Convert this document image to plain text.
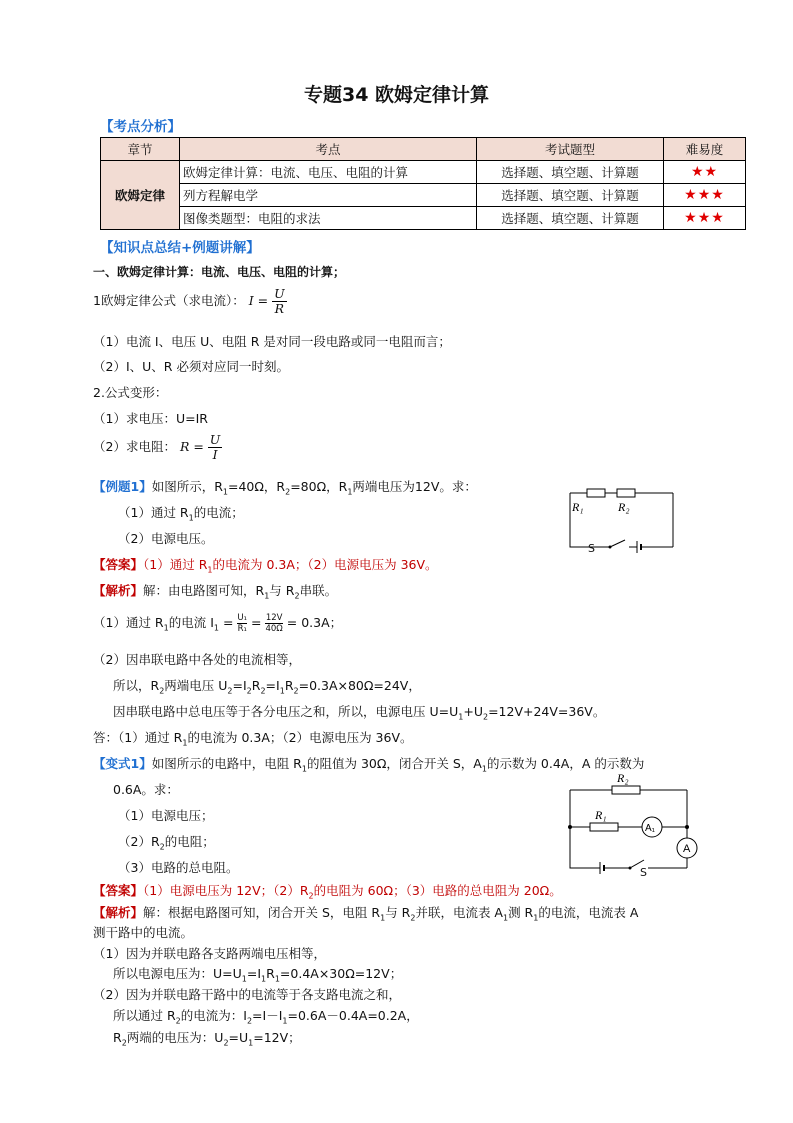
专题34 欧姆定律计算
【考点分析】
章节	考点	考试题型	难易度
欧姆定律	欧姆定律计算：电流、电压、电阻的计算	选择题、填空题、计算题	★★
	列方程解电学	选择题、填空题、计算题	★★★
	图像类题型：电阻的求法	选择题、填空题、计算题	★★★
【知识点总结+例题讲解】
一、欧姆定律计算：电流、电压、电阻的计算；
1欧姆定律公式（求电流）： $I = \frac{U}{R}$
（1）电流 I、电压 U、电阻 R 是对同一段电路或同一电阻而言；
（2）I、U、R 必须对应同一时刻。
2.公式变形：
（1）求电压：U=IR
（2）求电阻： $R = \frac{U}{I}$
【例题1】如图所示，$R_1=40\Omega$，$R_2=80\Omega$，$R_1$两端电压为12V。求：
（1）通过 $R_1$的电流；
（2）电源电压。
R₁	R₂
S
【答案】（1）通过 $R_1$的电流为 0.3A；（2）电源电压为 36V。
【解析】解：由电路图可知，$R_1$与 $R_2$串联。
（1）通过 $R_1$的电流 $I_1 = \frac{\text{U₁}}{\text{R₁}} = \frac{12V}{40\Omega} = 0.3A$；
（2）因串联电路中各处的电流相等，
所以，$R_2$两端电压 $U_2=I_2R_2=I_1R_2=0.3A\times 80\Omega=24V$，
因串联电路中总电压等于各分电压之和，所以，电源电压 $U=U_1+U_2=12V+24V=36V$。
答：（1）通过 $R_1$的电流为 0.3A；（2）电源电压为 36V。
【变式1】如图所示的电路中，电阻 $R_1$的阻值为 30Ω，闭合开关 S，$A_1$的示数为 0.4A，A 的示数为
0.6A。求：
（1）电源电压；
$(2)R_2$的电阻；
（3）电路的总电阻。
R₂
R₁
A₁
A
S
【答案】（1）电源电压为 12V；$(2)R_2$的电阻为 60Ω；（3）电路的总电阻为 20Ω。
【解析】解：根据电路图可知，闭合开关 S，电阻 $R_1$与 $R_2$并联，电流表 $A_1$测 $R_1$的电流，电流表 A
测干路中的电流。
（1）因为并联电路各支路两端电压相等，
所以电源电压为：$U=U_1=I_1R_1=0.4A\times 30\Omega=12V$；
（2）因为并联电路干路中的电流等于各支路电流之和，
所以通过 $R_2$的电流为：$I_2=I-I_1=0.6A-0.4A=0.2A$，
$R_2$两端的电压为：$U_2=U_1=12V$；
